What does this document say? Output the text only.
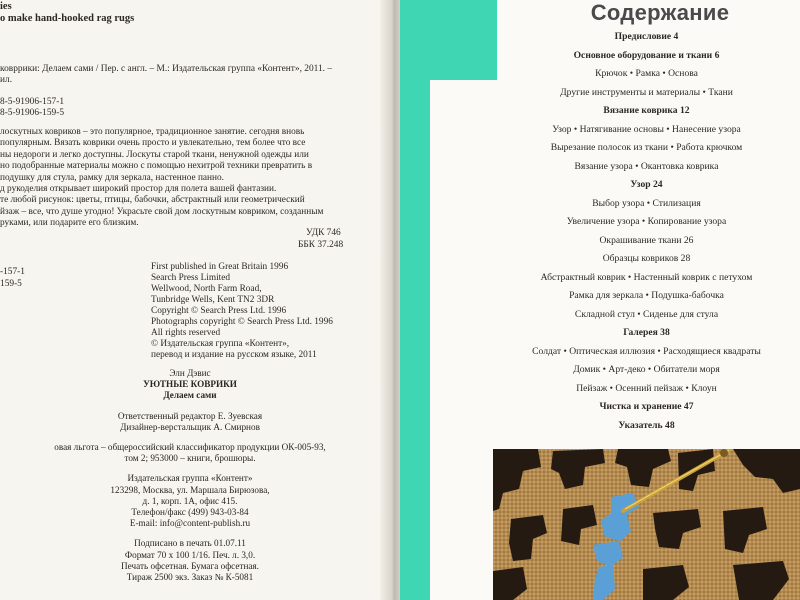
ies
o make hand-hooked rag rugs
ковррики: Делаем сами / Пер. с англ. – М.: Издательская группа «Контент», 2011. –
ил.
8-5-91906-157-1
8-5-91906-159-5
лоскутных ковриков – это популярное, традиционное занятие. сегодня вновь
популярным. Вязать коврики очень просто и увлекательно, тем более что все
ны недороги и легко доступны. Лоскуты старой ткани, ненужной одежды или
но подобранные материалы можно с помощью нехитрой техники превратить в
подушку для стула, рамку для зеркала, настенное панно.
д рукоделия открывает широкий простор для полета вашей фантазии.
те любой рисунок: цветы, птицы, бабочки, абстрактный или геометрический
йзаж – все, что душе угодно! Украсьте свой дом лоскутным ковриком, созданным
руками, или подарите его близким.
УДК 746
ББК 37.248
-157-1
159-5
First published in Great Britain 1996
Search Press Limited
Wellwood, North Farm Road,
Tunbridge Wells, Kent TN2 3DR
Copyright © Search Press Ltd. 1996
Photographs copyright © Search Press Ltd. 1996
All rights reserved
© Издательская группа «Контент»,
перевод и издание на русском языке, 2011
Элн Дэвис
УЮТНЫЕ КОВРИКИ
Делаем сами
Ответственный редактор Е. Зуевская
Дизайнер-верстальщик А. Смирнов
овая льгота – общероссийский классификатор продукции ОК-005-93,
том 2; 953000 – книги, брошюры.
Издательская группа «Контент»
123298, Москва, ул. Маршала Бирюзова,
д. 1, корп. 1А, офис 415.
Телефон/факс (499) 943-03-84
E-mail: info@content-publish.ru
Подписано в печать 01.07.11
Формат 70 x 100 1/16. Печ. л. 3,0.
Печать офсетная. Бумага офсетная.
Тираж 2500 экз. Заказ № К-5081
Содержание
Предисловие 4
Основное оборудование и ткани 6
Крючок • Рамка • Основа
Другие инструменты и материалы • Ткани
Вязание коврика 12
Узор • Натягивание основы • Нанесение узора
Вырезание полосок из ткани • Работа крючком
Вязание узора • Окантовка коврика
Узор 24
Выбор узора • Стилизация
Увеличение узора • Копирование узора
Окрашивание ткани 26
Образцы ковриков 28
Абстрактный коврик • Настенный коврик с петухом
Рамка для зеркала • Подушка-бабочка
Складной стул • Сиденье для стула
Галерея 38
Солдат • Оптическая иллюзия • Расходящиеся квадраты
Домик • Арт-деко • Обитатели моря
Пейзаж • Осенний пейзаж • Клоун
Чистка и хранение 47
Указатель 48
